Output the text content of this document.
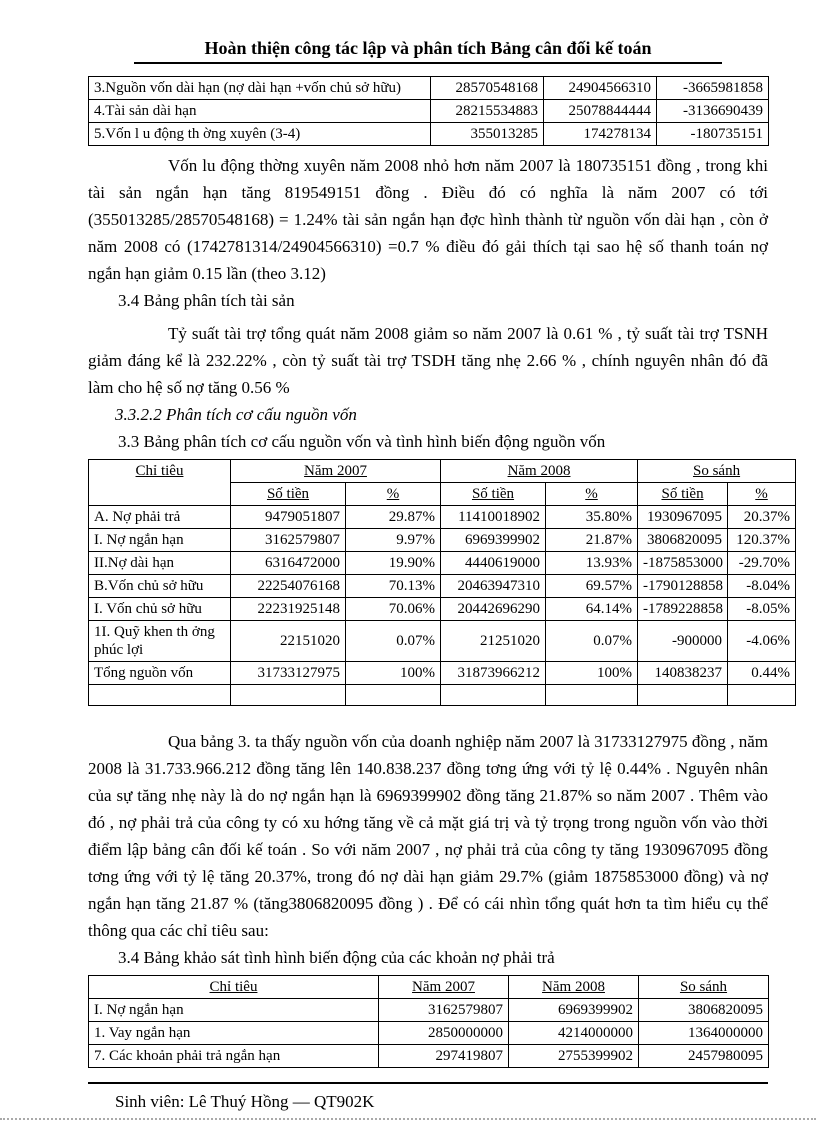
Hoàn thiện công tác lập và phân tích Bảng cân đối kế toán
3.Nguồn vốn dài hạn (nợ dài hạn +vốn chủ sở hữu)	28570548168	24904566310	-3665981858
4.Tài sản dài hạn	28215534883	25078844444	-3136690439
5.Vốn l u động th ờng xuyên (3-4)	355013285	174278134	-180735151

Vốn lu động thờng xuyên năm 2008 nhỏ hơn năm 2007 là 180735151 đồng , trong khi tài sản ngắn hạn tăng 819549151 đồng . Điều đó có nghĩa là năm 2007 có tới (355013285/28570548168) = 1.24% tài sản ngắn hạn đợc hình thành từ nguồn vốn dài hạn , còn ở năm 2008 có (1742781314/24904566310) =0.7 % điều đó gải thích tại sao hệ số thanh toán nợ ngắn hạn giảm 0.15 lần (theo 3.12)

3.4 Bảng phân tích tài sản

Tỷ suất tài trợ tổng quát năm 2008 giảm so năm 2007 là 0.61 % , tỷ suất tài trợ TSNH giảm đáng kể là 232.22% , còn tỷ suất tài trợ TSDH tăng nhẹ 2.66 % , chính nguyên nhân đó đã làm cho hệ số nợ tăng 0.56 %

3.3.2.2 Phân tích cơ cấu nguồn vốn
3.3 Bảng phân tích cơ cấu nguồn vốn và tình hình biến động nguồn vốn
Chỉ tiêu	Năm 2007		Năm 2008		So sánh	
	Số tiền	%	Số tiền	%	Số tiền	%
A. Nợ phải trả	9479051807	29.87%	11410018902	35.80%	1930967095	20.37%
I. Nợ ngắn hạn	3162579807	9.97%	6969399902	21.87%	3806820095	120.37%
II.Nợ dài hạn	6316472000	19.90%	4440619000	13.93%	-1875853000	-29.70%
B.Vốn chủ sở hữu	22254076168	70.13%	20463947310	69.57%	-1790128858	-8.04%
I. Vốn chủ sở hữu	22231925148	70.06%	20442696290	64.14%	-1789228858	-8.05%
1I. Quỹ khen th ởng phúc lợi	22151020	0.07%	21251020	0.07%	-900000	-4.06%
Tổng nguồn vốn	31733127975	100%	31873966212	100%	140838237	0.44%

Qua bảng 3. ta thấy nguồn vốn của doanh nghiệp năm 2007 là 31733127975 đồng , năm 2008 là 31.733.966.212 đồng tăng lên 140.838.237 đồng tơng ứng với tỷ lệ 0.44% . Nguyên nhân của sự tăng nhẹ này là do nợ ngắn hạn là 6969399902 đồng tăng 21.87% so năm 2007 . Thêm vào đó , nợ phải trả của công ty có xu hớng tăng về cả mặt giá trị và tỷ trọng trong nguồn vốn vào thời điểm lập bảng cân đối kế toán . So với năm 2007 , nợ phải trả của công ty tăng 1930967095 đồng tơng ứng với tỷ lệ tăng 20.37%, trong đó nợ dài hạn giảm 29.7% (giảm 1875853000 đồng) và nợ ngắn hạn tăng 21.87 % (tăng3806820095 đồng ) . Để có cái nhìn tổng quát hơn ta tìm hiểu cụ thể thông qua các chỉ tiêu sau:

3.4 Bảng khảo sát tình hình biến động của các khoản nợ phải trả
Chỉ tiêu	Năm 2007	Năm 2008	So sánh
I. Nợ ngắn hạn	3162579807	6969399902	3806820095
1. Vay ngắn hạn	2850000000	4214000000	1364000000
7. Các khoản phải trả ngắn hạn	297419807	2755399902	2457980095
Sinh viên: Lê Thuý Hồng — QT902K
